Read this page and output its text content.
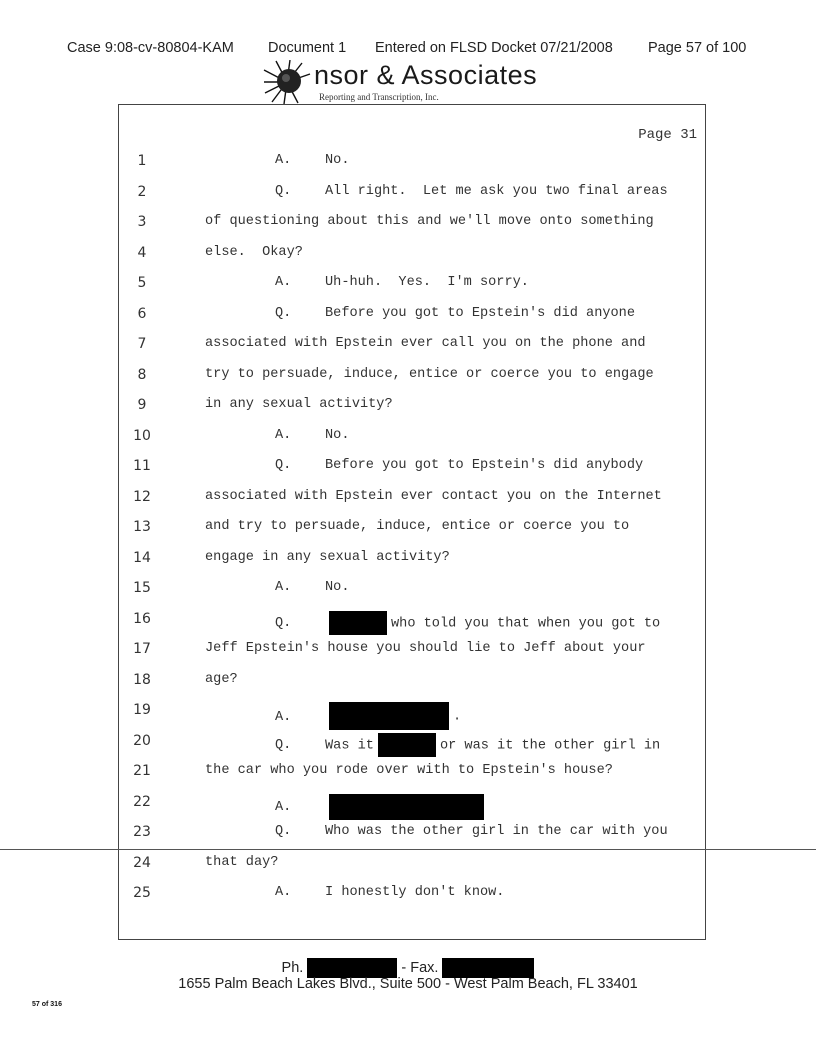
Case 9:08-cv-80804-KAM Document 1 Entered on FLSD Docket 07/21/2008 Page 57 of 100
nsor & Associates
Reporting and Transcription, Inc.
Page 31
1	A. No.
2	Q. All right.  Let me ask you two final areas
3	of questioning about this and we'll move onto something
4	else.  Okay?
5	A. Uh-huh.  Yes.  I'm sorry.
6	Q. Before you got to Epstein's did anyone
7	associated with Epstein ever call you on the phone and
8	try to persuade, induce, entice or coerce you to engage
9	in any sexual activity?
10	A. No.
11	Q. Before you got to Epstein's did anybody
12	associated with Epstein ever contact you on the Internet
13	and try to persuade, induce, entice or coerce you to
14	engage in any sexual activity?
15	A. No.
16	Q.	who told you that when you got to
17	Jeff Epstein's house you should lie to Jeff about your
18	age?
19	A.	.
20	Q. Was it	or was it the other girl in
21	the car who you rode over with to Epstein's house?
22	A.
23	Q. Who was the other girl in the car with you
24	that day?
25	A. I honestly don't know.
Ph.	- Fax.
1655 Palm Beach Lakes Blvd., Suite 500 - West Palm Beach, FL 33401
57 of 316
